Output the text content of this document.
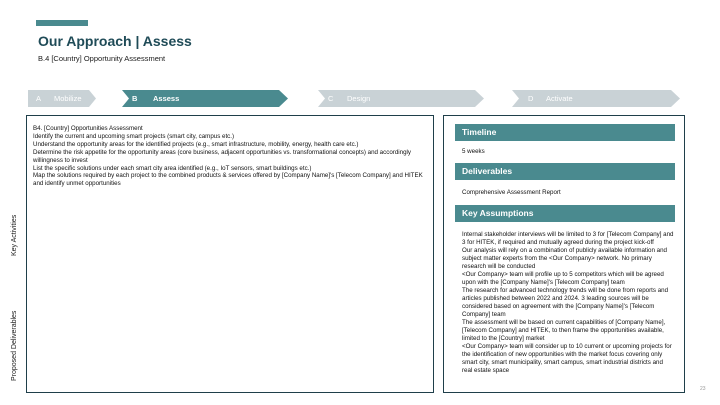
Our Approach | Assess
B.4 [Country] Opportunity Assessment
A Mobilize	B Assess	C Design	D Activate
Key Activities
Proposed Deliverables
B4. [Country] Opportunities Assessment
Identify the current and upcoming smart projects (smart city, campus etc.)
Understand the opportunity areas for the identified projects (e.g., smart infrastructure, mobility, energy, health care etc.)
Determine the risk appetite for the opportunity areas (core business, adjacent opportunities vs. transformational concepts) and accordingly willingness to invest
List the specific solutions under each smart city area identified (e.g., IoT sensors, smart buildings etc.)
Map the solutions required by each project to the combined products & services offered by [Company Name]'s [Telecom Company] and HITEK and identify unmet opportunities
Timeline
5 weeks
Deliverables
Comprehensive Assessment Report
Key Assumptions
Internal stakeholder interviews will be limited to 3 for [Telecom Company] and 3 for HITEK, if required and mutually agreed during the project kick-off
Our analysis will rely on a combination of publicly available information and subject matter experts from the <Our Company> network. No primary research will be conducted
<Our Company> team will profile up to 5 competitors which will be agreed upon with the [Company Name]'s [Telecom Company] team
The research for advanced technology trends will be done from reports and articles published between 2022 and 2024. 3 leading sources will be considered based on agreement with the [Company Name]'s [Telecom Company] team
The assessment will be based on current capabilities of [Company Name], [Telecom Company] and HITEK, to then frame the opportunities available, limited to the [Country] market
<Our Company> team will consider up to 10 current or upcoming projects for the identification of new opportunities with the market focus covering only smart city, smart municipality, smart campus, smart industrial districts and real estate space
23
